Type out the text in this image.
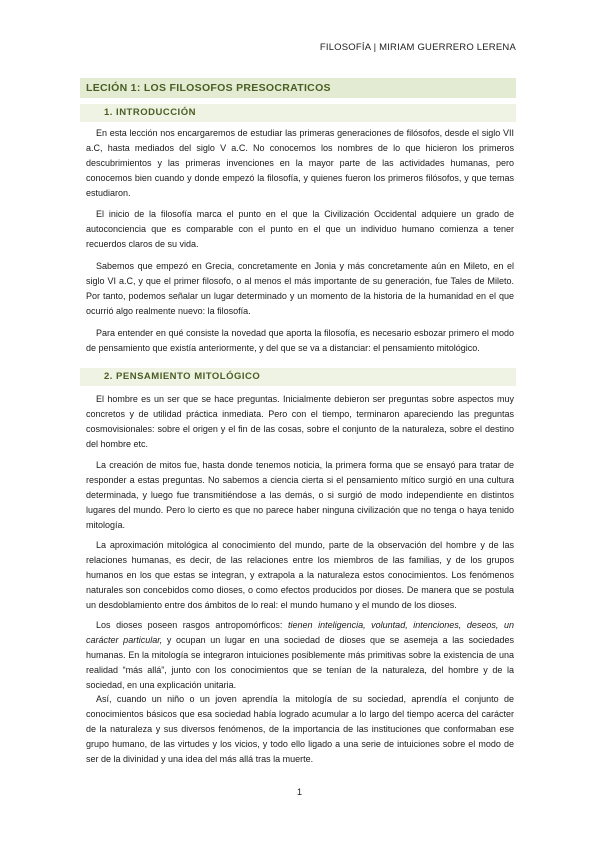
FILOSOFÍA | MIRIAM GUERRERO LERENA
LECIÓN 1: LOS FILOSOFOS PRESOCRATICOS
1. INTRODUCCIÓN

En esta lección nos encargaremos de estudiar las primeras generaciones de filósofos, desde el siglo VII a.C, hasta mediados del siglo V a.C. No conocemos los nombres de lo que hicieron los primeros descubrimientos y las primeras invenciones en la mayor parte de las actividades humanas, pero conocemos bien cuando y donde empezó la filosofía, y quienes fueron los primeros filósofos, y que temas estudiaron.

El inicio de la filosofía marca el punto en el que la Civilización Occidental adquiere un grado de autoconciencia que es comparable con el punto en el que un individuo humano comienza a tener recuerdos claros de su vida.

Sabemos que empezó en Grecia, concretamente en Jonia y más concretamente aún en Mileto, en el siglo VI a.C, y que el primer filosofo, o al menos el más importante de su generación, fue Tales de Mileto. Por tanto, podemos señalar un lugar determinado y un momento de la historia de la humanidad en el que ocurrió algo realmente nuevo: la filosofía.

Para entender en qué consiste la novedad que aporta la filosofía, es necesario esbozar primero el modo de pensamiento que existía anteriormente, y del que se va a distanciar: el pensamiento mitológico.

2. PENSAMIENTO MITOLÓGICO

El hombre es un ser que se hace preguntas. Inicialmente debieron ser preguntas sobre aspectos muy concretos y de utilidad práctica inmediata. Pero con el tiempo, terminaron apareciendo las preguntas cosmovisionales: sobre el origen y el fin de las cosas, sobre el conjunto de la naturaleza, sobre el destino del hombre etc.

La creación de mitos fue, hasta donde tenemos noticia, la primera forma que se ensayó para tratar de responder a estas preguntas. No sabemos a ciencia cierta si el pensamiento mítico surgió en una cultura determinada, y luego fue transmitiéndose a las demás, o si surgió de modo independiente en distintos lugares del mundo. Pero lo cierto es que no parece haber ninguna civilización que no tenga o haya tenido mitología.

La aproximación mitológica al conocimiento del mundo, parte de la observación del hombre y de las relaciones humanas, es decir, de las relaciones entre los miembros de las familias, y de los grupos humanos en los que estas se integran, y extrapola a la naturaleza estos conocimientos. Los fenómenos naturales son concebidos como dioses, o como efectos producidos por dioses. De manera que se postula un desdoblamiento entre dos ámbitos de lo real: el mundo humano y el mundo de los dioses.

Los dioses poseen rasgos antropomórficos: tienen inteligencia, voluntad, intenciones, deseos, un carácter particular, y ocupan un lugar en una sociedad de dioses que se asemeja a las sociedades humanas. En la mitología se integraron intuiciones posiblemente más primitivas sobre la existencia de una realidad “más allá”, junto con los conocimientos que se tenían de la naturaleza, del hombre y de la sociedad, en una explicación unitaria.

Así, cuando un niño o un joven aprendía la mitología de su sociedad, aprendía el conjunto de conocimientos básicos que esa sociedad había logrado acumular a lo largo del tiempo acerca del carácter de la naturaleza y sus diversos fenómenos, de la importancia de las instituciones que conformaban ese grupo humano, de las virtudes y los vicios, y todo ello ligado a una serie de intuiciones sobre el modo de ser de la divinidad y una idea del más allá tras la muerte.

1
